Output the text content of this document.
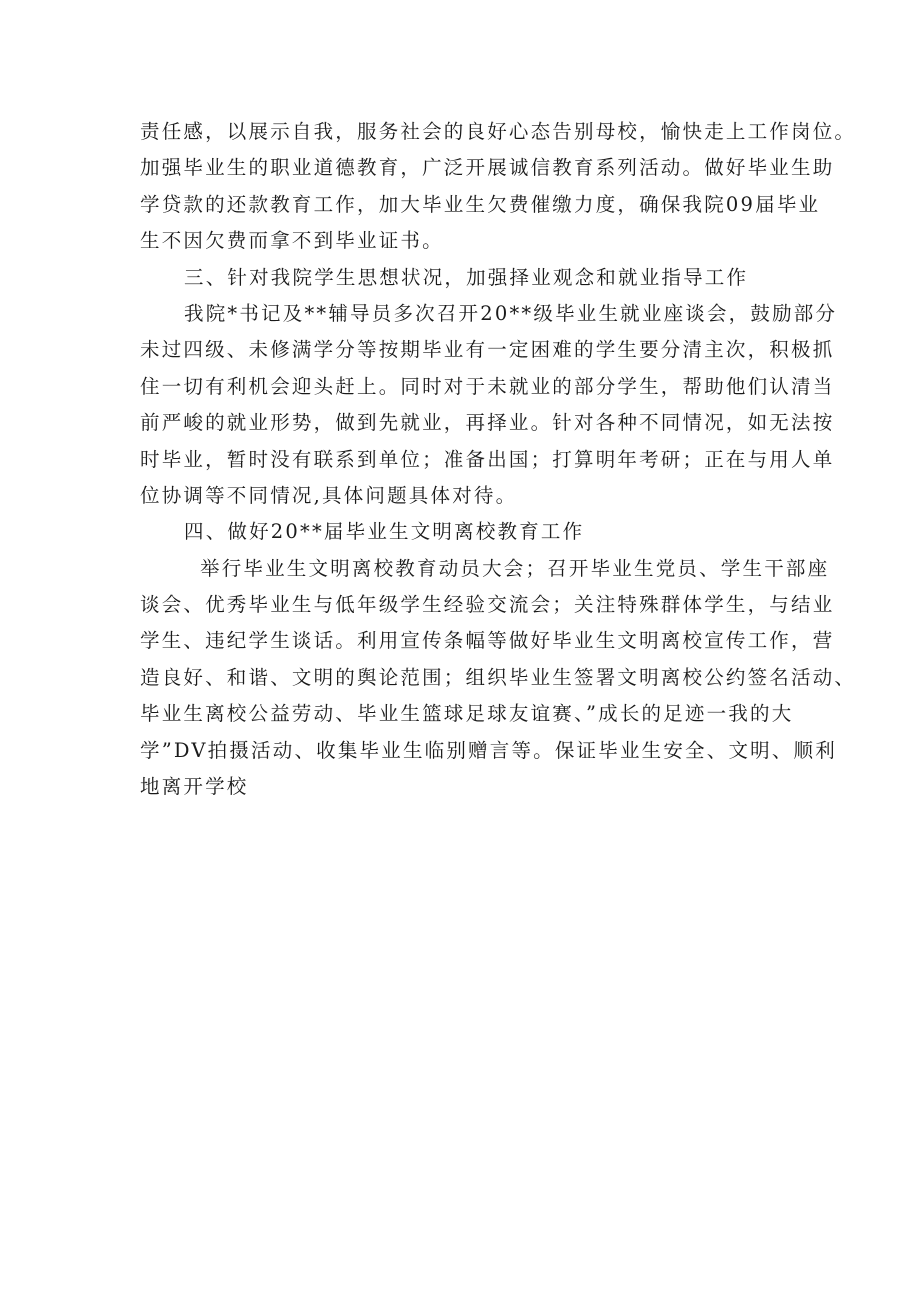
责任感，以展示自我，服务社会的良好心态告别母校，愉快走上工作岗位。
加强毕业生的职业道德教育，广泛开展诚信教育系列活动。做好毕业生助
学贷款的还款教育工作，加大毕业生欠费催缴力度，确保我院09届毕业
生不因欠费而拿不到毕业证书。
三、针对我院学生思想状况，加强择业观念和就业指导工作
我院*书记及**辅导员多次召开20**级毕业生就业座谈会，鼓励部分
未过四级、未修满学分等按期毕业有一定困难的学生要分清主次，积极抓
住一切有利机会迎头赶上。同时对于未就业的部分学生，帮助他们认清当
前严峻的就业形势，做到先就业，再择业。针对各种不同情况，如无法按
时毕业，暂时没有联系到单位；准备出国；打算明年考研；正在与用人单
位协调等不同情况,具体问题具体对待。
四、做好20**届毕业生文明离校教育工作
举行毕业生文明离校教育动员大会；召开毕业生党员、学生干部座
谈会、优秀毕业生与低年级学生经验交流会；关注特殊群体学生，与结业
学生、违纪学生谈话。利用宣传条幅等做好毕业生文明离校宣传工作，营
造良好、和谐、文明的舆论范围；组织毕业生签署文明离校公约签名活动、
毕业生离校公益劳动、毕业生篮球足球友谊赛、”成长的足迹一我的大
学”DV拍摄活动、收集毕业生临别赠言等。保证毕业生安全、文明、顺利
地离开学校
